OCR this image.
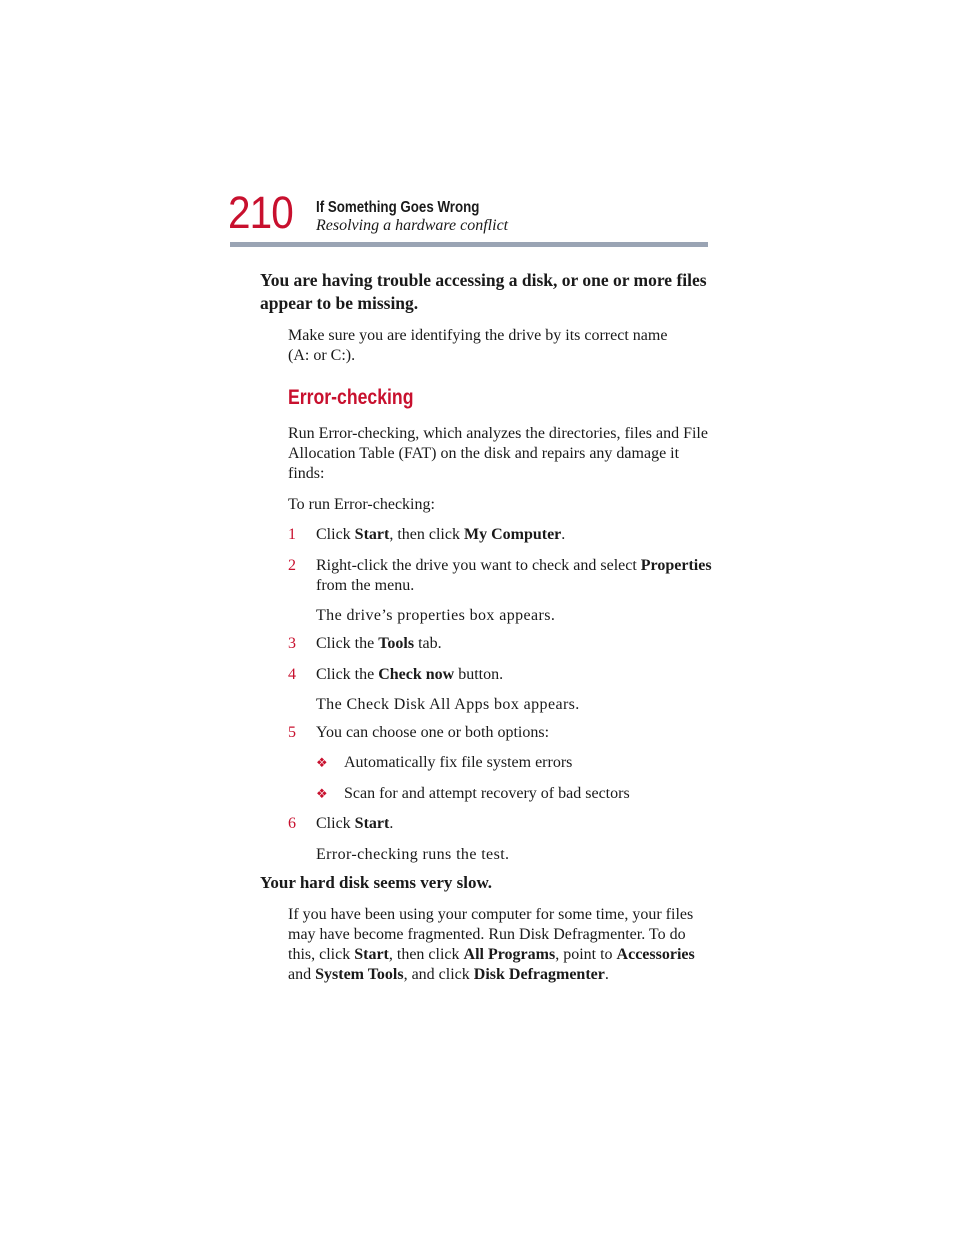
210 If Something Goes Wrong
Resolving a hardware conflict
You are having trouble accessing a disk, or one or more files
appear to be missing.
Make sure you are identifying the drive by its correct name
(A: or C:).
Error-checking
Run Error-checking, which analyzes the directories, files and File
Allocation Table (FAT) on the disk and repairs any damage it
finds:
To run Error-checking:
1 Click Start, then click My Computer.
2 Right-click the drive you want to check and select Properties
from the menu.
The drive’s properties box appears.
3 Click the Tools tab.
4 Click the Check now button.
The Check Disk All Apps box appears.
5 You can choose one or both options:
❖ Automatically fix file system errors
❖ Scan for and attempt recovery of bad sectors
6 Click Start.
Error-checking runs the test.
Your hard disk seems very slow.
If you have been using your computer for some time, your files
may have become fragmented. Run Disk Defragmenter. To do
this, click Start, then click All Programs, point to Accessories
and System Tools, and click Disk Defragmenter.
